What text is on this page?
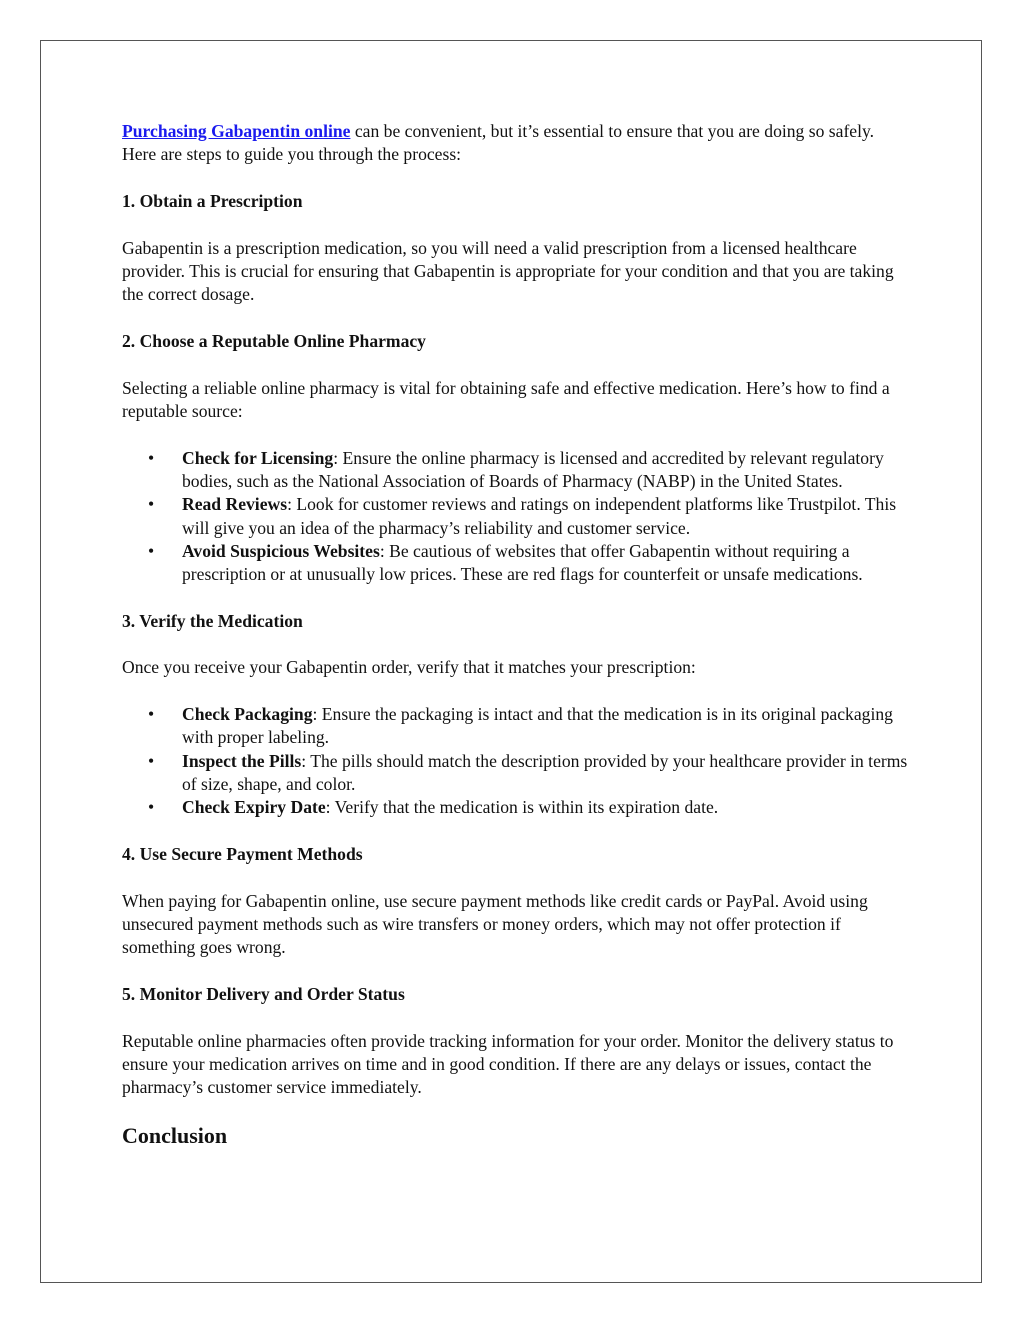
Purchasing Gabapentin online can be convenient, but it’s essential to ensure that you are doing so safely. Here are steps to guide you through the process:

1. Obtain a Prescription

Gabapentin is a prescription medication, so you will need a valid prescription from a licensed healthcare provider. This is crucial for ensuring that Gabapentin is appropriate for your condition and that you are taking the correct dosage.

2. Choose a Reputable Online Pharmacy

Selecting a reliable online pharmacy is vital for obtaining safe and effective medication. Here’s how to find a reputable source:

• Check for Licensing: Ensure the online pharmacy is licensed and accredited by relevant regulatory bodies, such as the National Association of Boards of Pharmacy (NABP) in the United States.
• Read Reviews: Look for customer reviews and ratings on independent platforms like Trustpilot. This will give you an idea of the pharmacy’s reliability and customer service.
• Avoid Suspicious Websites: Be cautious of websites that offer Gabapentin without requiring a prescription or at unusually low prices. These are red flags for counterfeit or unsafe medications.

3. Verify the Medication

Once you receive your Gabapentin order, verify that it matches your prescription:

• Check Packaging: Ensure the packaging is intact and that the medication is in its original packaging with proper labeling.
• Inspect the Pills: The pills should match the description provided by your healthcare provider in terms of size, shape, and color.
• Check Expiry Date: Verify that the medication is within its expiration date.

4. Use Secure Payment Methods

When paying for Gabapentin online, use secure payment methods like credit cards or PayPal. Avoid using unsecured payment methods such as wire transfers or money orders, which may not offer protection if something goes wrong.

5. Monitor Delivery and Order Status

Reputable online pharmacies often provide tracking information for your order. Monitor the delivery status to ensure your medication arrives on time and in good condition. If there are any delays or issues, contact the pharmacy’s customer service immediately.

Conclusion
